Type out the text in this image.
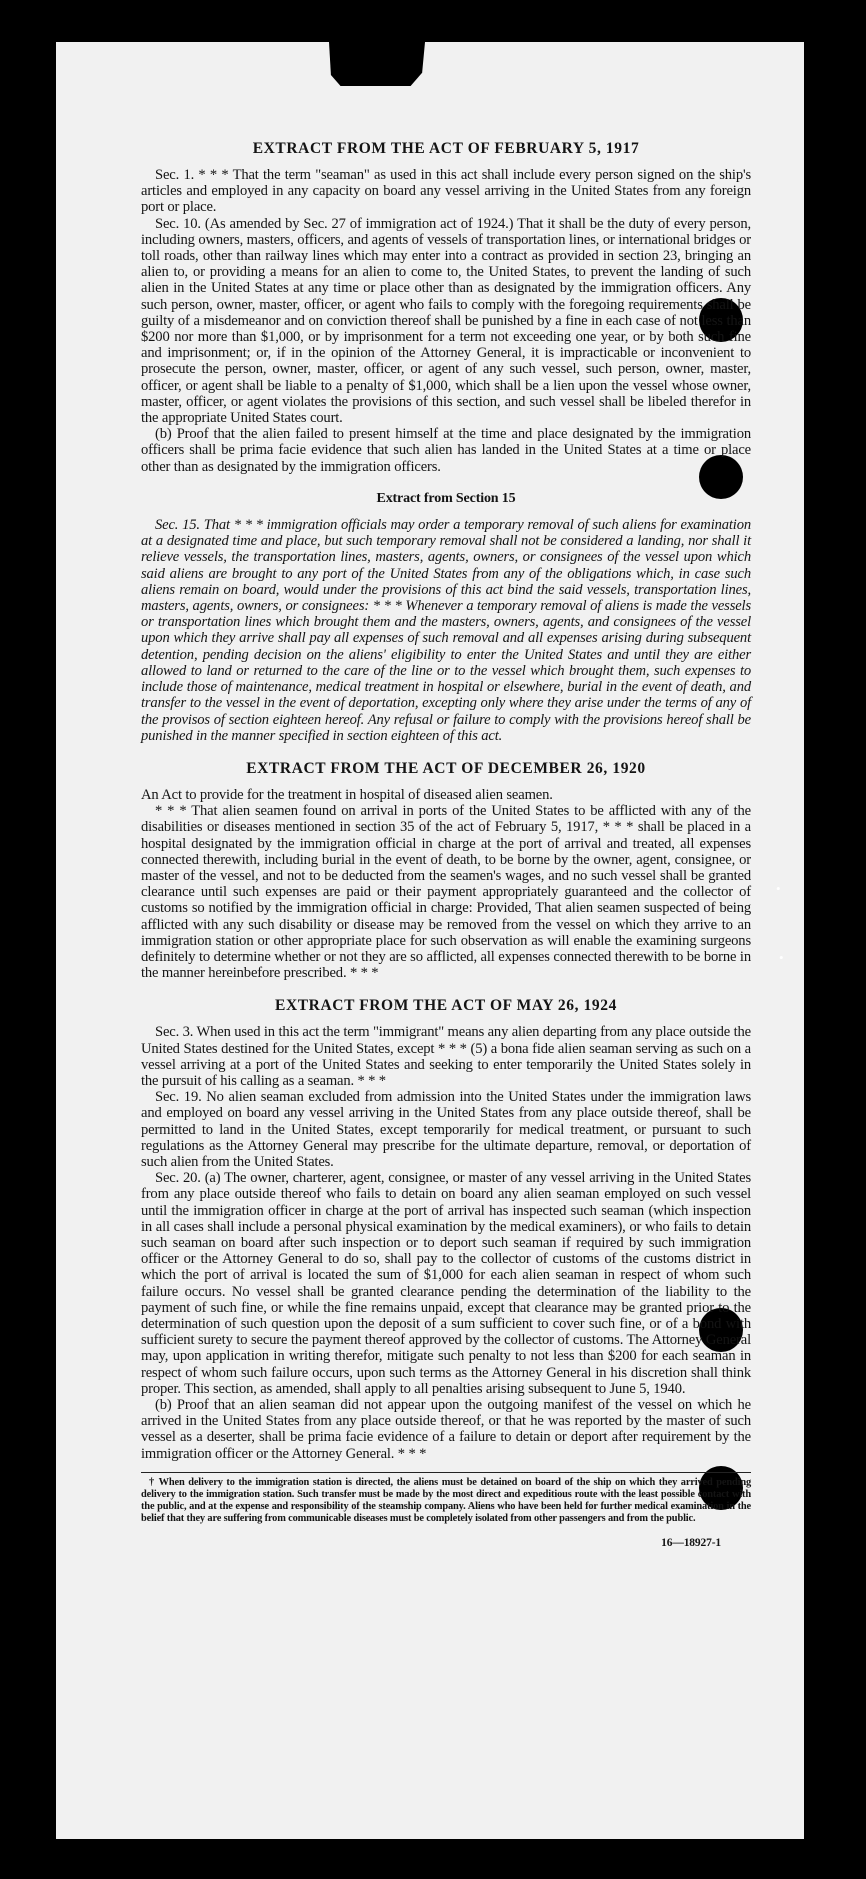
EXTRACT FROM THE ACT OF FEBRUARY 5, 1917

Sec. 1. * * * That the term "seaman" as used in this act shall include every person signed on the ship's articles and employed in any capacity on board any vessel arriving in the United States from any foreign port or place.

Sec. 10. (As amended by Sec. 27 of immigration act of 1924.) That it shall be the duty of every person, including owners, masters, officers, and agents of vessels of transportation lines, or international bridges or toll roads, other than railway lines which may enter into a contract as provided in section 23, bringing an alien to, or providing a means for an alien to come to, the United States, to prevent the landing of such alien in the United States at any time or place other than as designated by the immigration officers. Any such person, owner, master, officer, or agent who fails to comply with the foregoing requirements shall be guilty of a misdemeanor and on conviction thereof shall be punished by a fine in each case of not less than $200 nor more than $1,000, or by imprisonment for a term not exceeding one year, or by both such fine and imprisonment; or, if in the opinion of the Attorney General, it is impracticable or inconvenient to prosecute the person, owner, master, officer, or agent of any such vessel, such person, owner, master, officer, or agent shall be liable to a penalty of $1,000, which shall be a lien upon the vessel whose owner, master, officer, or agent violates the provisions of this section, and such vessel shall be libeled therefor in the appropriate United States court.

(b) Proof that the alien failed to present himself at the time and place designated by the immigration officers shall be prima facie evidence that such alien has landed in the United States at a time or place other than as designated by the immigration officers.

Extract from Section 15

Sec. 15. That * * * immigration officials may order a temporary removal of such aliens for examination at a designated time and place, but such temporary removal shall not be considered a landing, nor shall it relieve vessels, the transportation lines, masters, agents, owners, or consignees of the vessel upon which said aliens are brought to any port of the United States from any of the obligations which, in case such aliens remain on board, would under the provisions of this act bind the said vessels, transportation lines, masters, agents, owners, or consignees: * * * Whenever a temporary removal of aliens is made the vessels or transportation lines which brought them and the masters, owners, agents, and consignees of the vessel upon which they arrive shall pay all expenses of such removal and all expenses arising during subsequent detention, pending decision on the aliens' eligibility to enter the United States and until they are either allowed to land or returned to the care of the line or to the vessel which brought them, such expenses to include those of maintenance, medical treatment in hospital or elsewhere, burial in the event of death, and transfer to the vessel in the event of deportation, excepting only where they arise under the terms of any of the provisos of section eighteen hereof. Any refusal or failure to comply with the provisions hereof shall be punished in the manner specified in section eighteen of this act.

EXTRACT FROM THE ACT OF DECEMBER 26, 1920

An Act to provide for the treatment in hospital of diseased alien seamen.

* * * That alien seamen found on arrival in ports of the United States to be afflicted with any of the disabilities or diseases mentioned in section 35 of the act of February 5, 1917, * * * shall be placed in a hospital designated by the immigration official in charge at the port of arrival and treated, all expenses connected therewith, including burial in the event of death, to be borne by the owner, agent, consignee, or master of the vessel, and not to be deducted from the seamen's wages, and no such vessel shall be granted clearance until such expenses are paid or their payment appropriately guaranteed and the collector of customs so notified by the immigration official in charge: Provided, That alien seamen suspected of being afflicted with any such disability or disease may be removed from the vessel on which they arrive to an immigration station or other appropriate place for such observation as will enable the examining surgeons definitely to determine whether or not they are so afflicted, all expenses connected therewith to be borne in the manner hereinbefore prescribed. * * *

EXTRACT FROM THE ACT OF MAY 26, 1924

Sec. 3. When used in this act the term "immigrant" means any alien departing from any place outside the United States destined for the United States, except * * * (5) a bona fide alien seaman serving as such on a vessel arriving at a port of the United States and seeking to enter temporarily the United States solely in the pursuit of his calling as a seaman. * * *

Sec. 19. No alien seaman excluded from admission into the United States under the immigration laws and employed on board any vessel arriving in the United States from any place outside thereof, shall be permitted to land in the United States, except temporarily for medical treatment, or pursuant to such regulations as the Attorney General may prescribe for the ultimate departure, removal, or deportation of such alien from the United States.

Sec. 20. (a) The owner, charterer, agent, consignee, or master of any vessel arriving in the United States from any place outside thereof who fails to detain on board any alien seaman employed on such vessel until the immigration officer in charge at the port of arrival has inspected such seaman (which inspection in all cases shall include a personal physical examination by the medical examiners), or who fails to detain such seaman on board after such inspection or to deport such seaman if required by such immigration officer or the Attorney General to do so, shall pay to the collector of customs of the customs district in which the port of arrival is located the sum of $1,000 for each alien seaman in respect of whom such failure occurs. No vessel shall be granted clearance pending the determination of the liability to the payment of such fine, or while the fine remains unpaid, except that clearance may be granted prior to the determination of such question upon the deposit of a sum sufficient to cover such fine, or of a bond with sufficient surety to secure the payment thereof approved by the collector of customs. The Attorney General may, upon application in writing therefor, mitigate such penalty to not less than $200 for each seaman in respect of whom such failure occurs, upon such terms as the Attorney General in his discretion shall think proper. This section, as amended, shall apply to all penalties arising subsequent to June 5, 1940.

(b) Proof that an alien seaman did not appear upon the outgoing manifest of the vessel on which he arrived in the United States from any place outside thereof, or that he was reported by the master of such vessel as a deserter, shall be prima facie evidence of a failure to detain or deport after requirement by the immigration officer or the Attorney General. * * *

† When delivery to the immigration station is directed, the aliens must be detained on board of the ship on which they arrived pending delivery to the immigration station. Such transfer must be made by the most direct and expeditious route with the least possible contact with the public, and at the expense and responsibility of the steamship company. Aliens who have been held for further medical examination in the belief that they are suffering from communicable diseases must be completely isolated from other passengers and from the public.

16—18927-1
•
•
